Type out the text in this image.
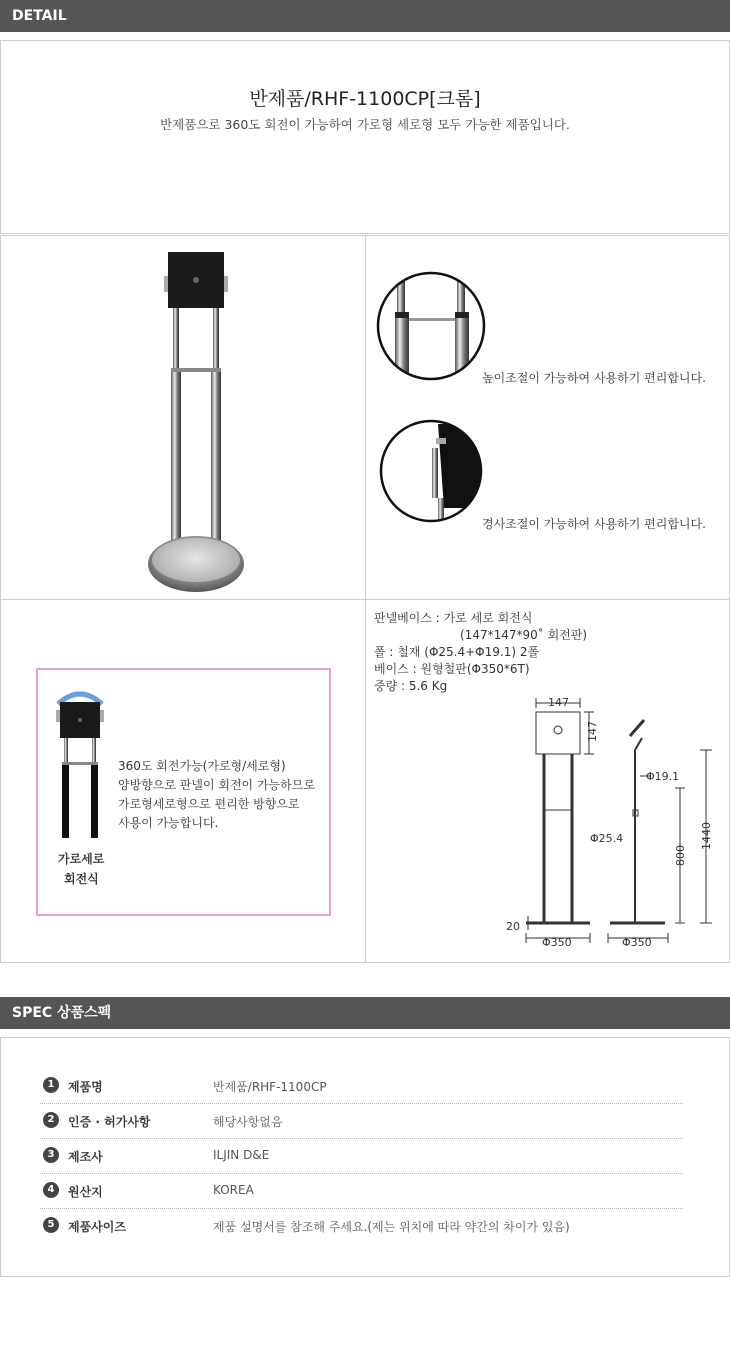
DETAIL
반제품/RHF-1100CP[크롬]
반제품으로 360도 회전이 가능하여 가로형 세로형 모두 가능한 제품입니다.
높이조절이 가능하여 사용하기 편리합니다.
경사조절이 가능하여 사용하기 편리합니다.
가로세로
회전식
360도 회전가능(가로형/세로형)
양방향으로 판넬이 회전이 가능하므로
가로형세로형으로 편리한 방향으로
사용이 가능합니다.
판넬베이스 : 가로 세로 회전식
(147*147*90˚ 회전판)
폴 : 철재 (Φ25.4+Φ19.1) 2폴
베이스 : 원형철판(Φ350*6T)
중량 : 5.6 Kg
147
147
Φ19.1
Φ25.4
800
1440
20
Φ350	Φ350
SPEC 상품스펙
1	제품명	반제품/RHF-1100CP
2	인증 · 허가사항	해당사항없음
3	제조사	ILJIN D&E
4	원산지	KOREA
5	제품사이즈	제품 설명서를 참조해 주세요.(제는 위치에 따라 약간의 차이가 있음)
